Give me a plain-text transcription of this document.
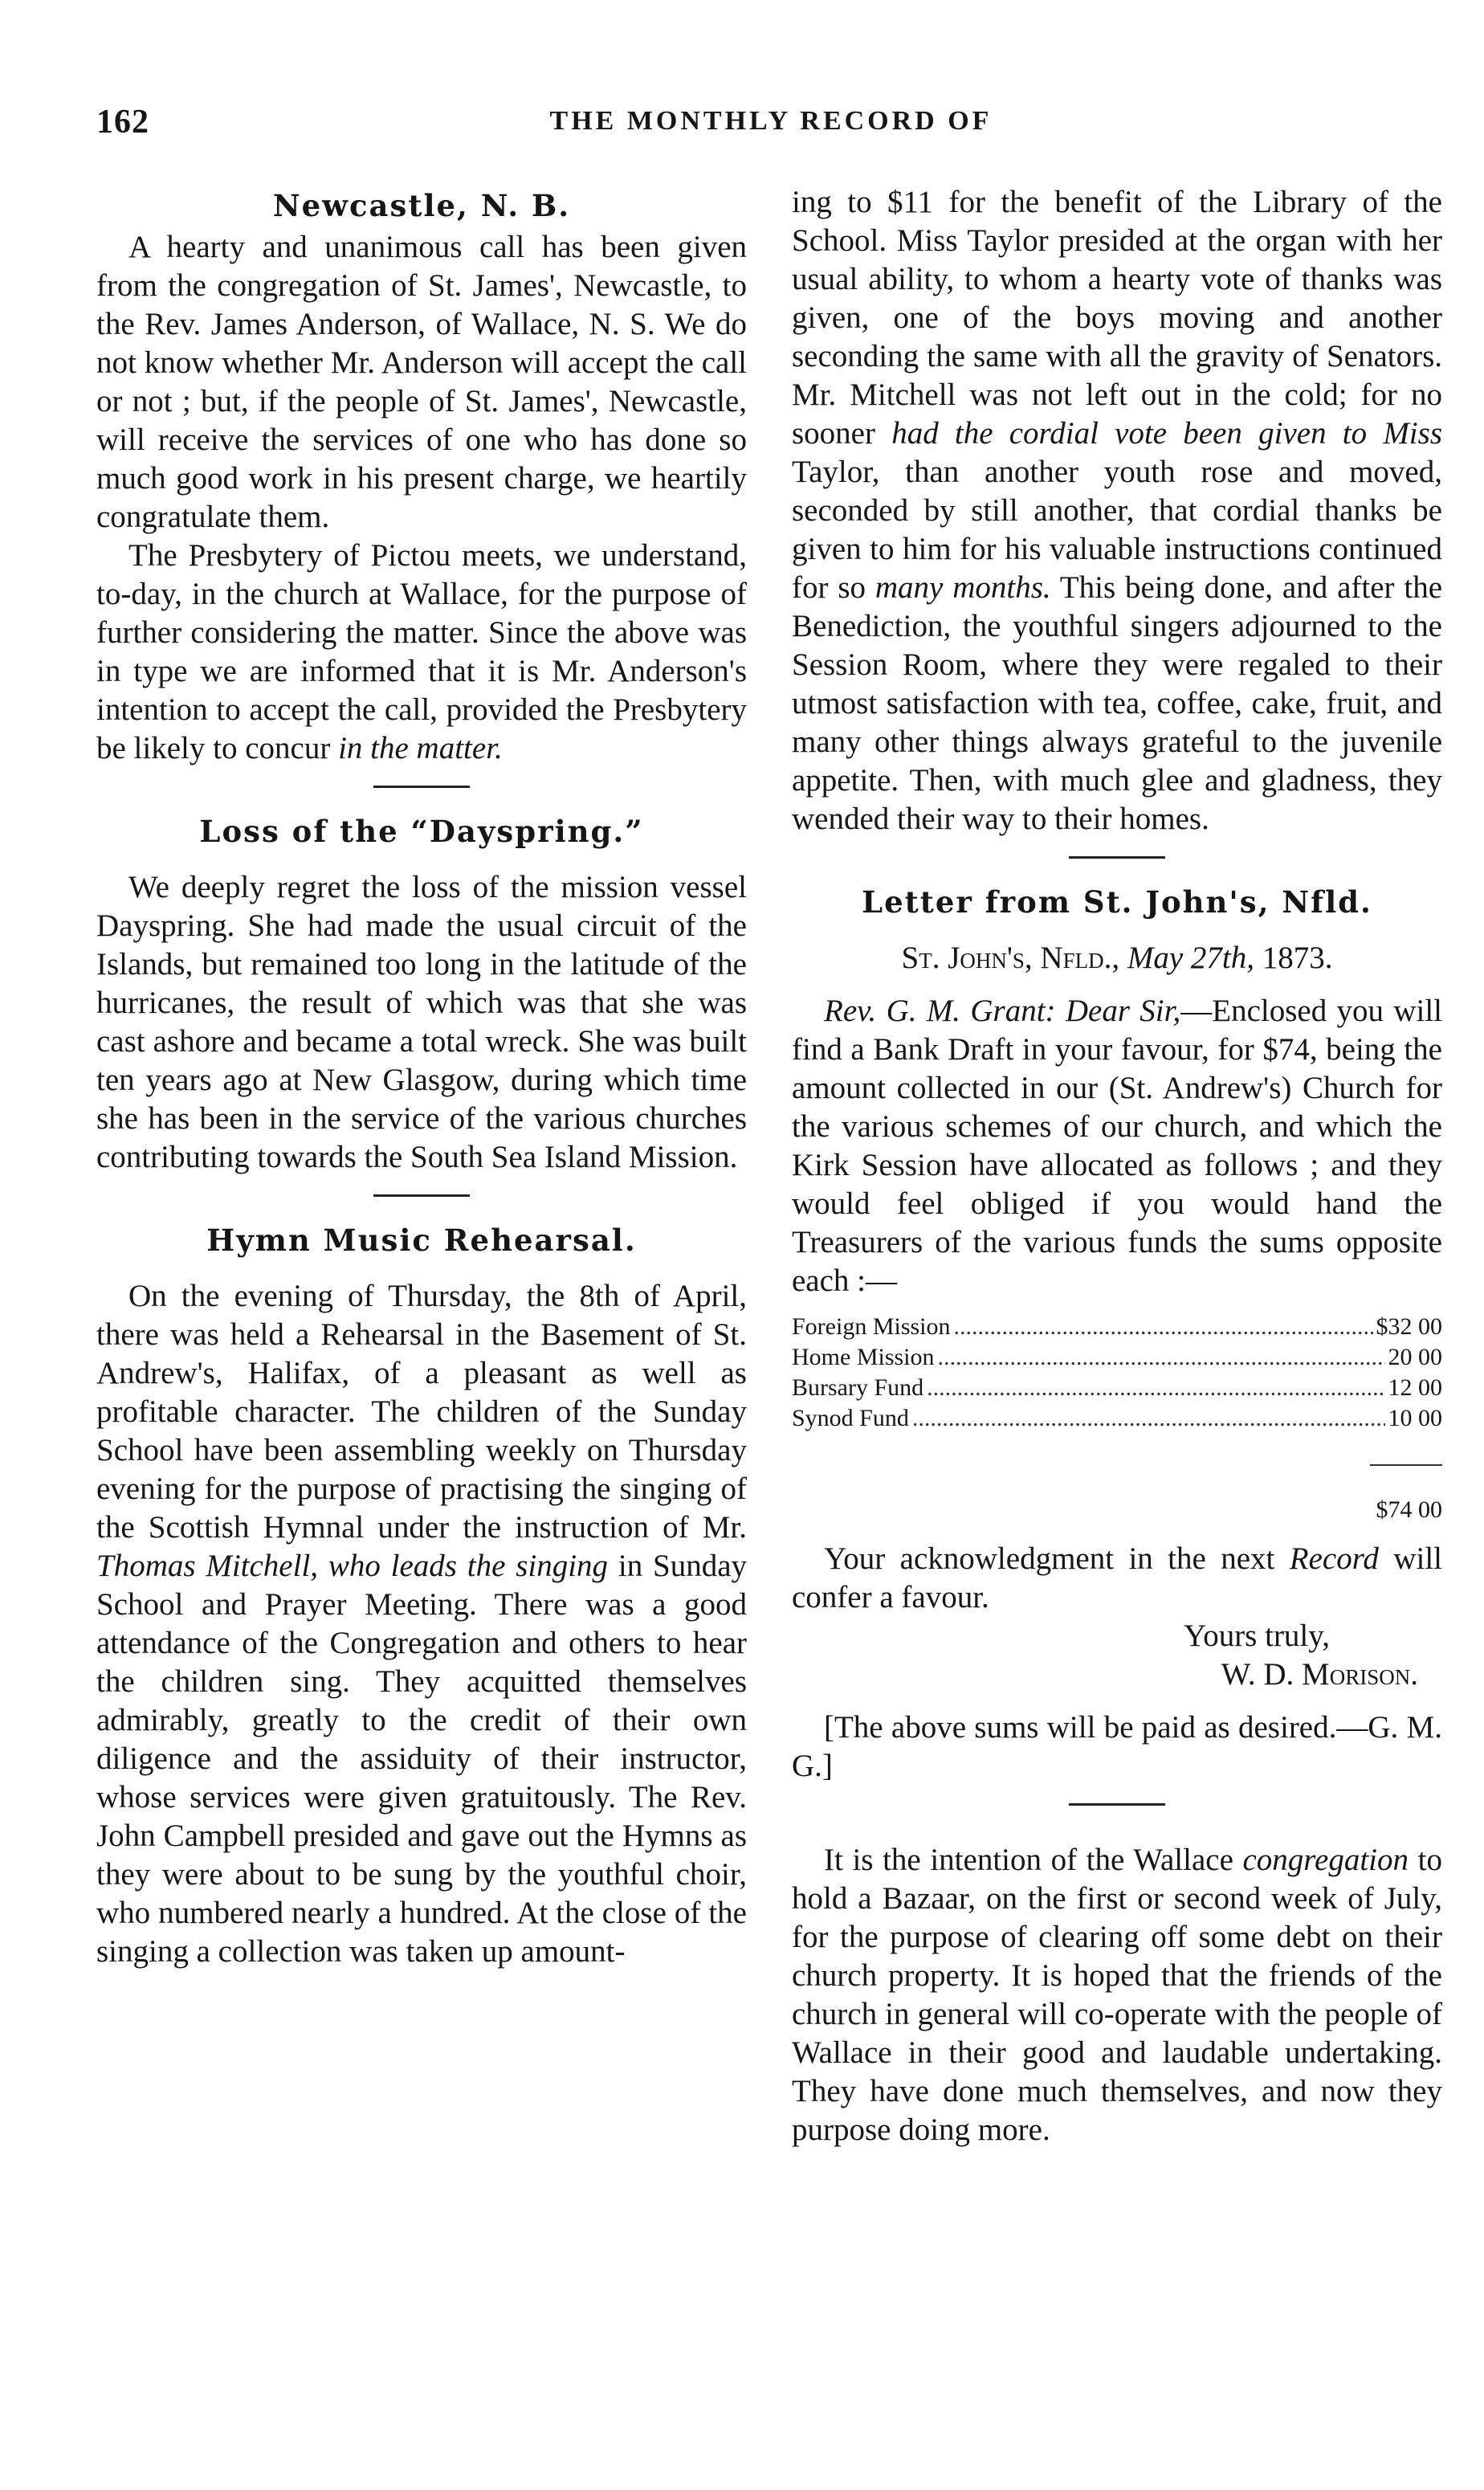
162	THE MONTHLY RECORD OF
Newcastle, N. B.

A hearty and unanimous call has been given from the congregation of St. James', Newcastle, to the Rev. James Anderson, of Wallace, N. S. We do not know whether Mr. Anderson will accept the call or not ; but, if the people of St. James', Newcastle, will receive the services of one who has done so much good work in his present charge, we heartily congratulate them.

The Presbytery of Pictou meets, we understand, to-day, in the church at Wallace, for the purpose of further considering the matter. Since the above was in type we are informed that it is Mr. Anderson's intention to accept the call, provided the Presbytery be likely to concur in the matter.

Loss of the “Dayspring.”

We deeply regret the loss of the mission vessel Dayspring. She had made the usual circuit of the Islands, but remained too long in the latitude of the hurricanes, the result of which was that she was cast ashore and became a total wreck. She was built ten years ago at New Glasgow, during which time she has been in the service of the various churches contributing towards the South Sea Island Mission.

Hymn Music Rehearsal.

On the evening of Thursday, the 8th of April, there was held a Rehearsal in the Basement of St. Andrew's, Halifax, of a pleasant as well as profitable character. The children of the Sunday School have been assembling weekly on Thursday evening for the purpose of practising the singing of the Scottish Hymnal under the instruction of Mr. Thomas Mitchell, who leads the singing in Sunday School and Prayer Meeting. There was a good attendance of the Congregation and others to hear the children sing. They acquitted themselves admirably, greatly to the credit of their own diligence and the assiduity of their instructor, whose services were given gratuitously. The Rev. John Campbell presided and gave out the Hymns as they were about to be sung by the youthful choir, who numbered nearly a hundred. At the close of the singing a collection was taken up amount-

ing to $11 for the benefit of the Library of the School. Miss Taylor presided at the organ with her usual ability, to whom a hearty vote of thanks was given, one of the boys moving and another seconding the same with all the gravity of Senators. Mr. Mitchell was not left out in the cold; for no sooner had the cordial vote been given to Miss Taylor, than another youth rose and moved, seconded by still another, that cordial thanks be given to him for his valuable instructions continued for so many months. This being done, and after the Benediction, the youthful singers adjourned to the Session Room, where they were regaled to their utmost satisfaction with tea, coffee, cake, fruit, and many other things always grateful to the juvenile appetite. Then, with much glee and gladness, they wended their way to their homes.

Letter from St. John's, Nfld.

St. John's, Nfld., May 27th, 1873.

Rev. G. M. Grant: Dear Sir,—Enclosed you will find a Bank Draft in your favour, for $74, being the amount collected in our (St. Andrew's) Church for the various schemes of our church, and which the Kirk Session have allocated as follows ; and they would feel obliged if you would hand the Treasurers of the various funds the sums opposite each :—

Foreign Mission .....	$32 00
Home Mission .....	20 00
Bursary Fund .....	12 00
Synod Fund .....	10 00
$74 00

Your acknowledgment in the next Record will confer a favour.

Yours truly,

W. D. Morison.

[The above sums will be paid as desired.—G. M. G.]

It is the intention of the Wallace congregation to hold a Bazaar, on the first or second week of July, for the purpose of clearing off some debt on their church property. It is hoped that the friends of the church in general will co-operate with the people of Wallace in their good and laudable undertaking. They have done much themselves, and now they purpose doing more.
